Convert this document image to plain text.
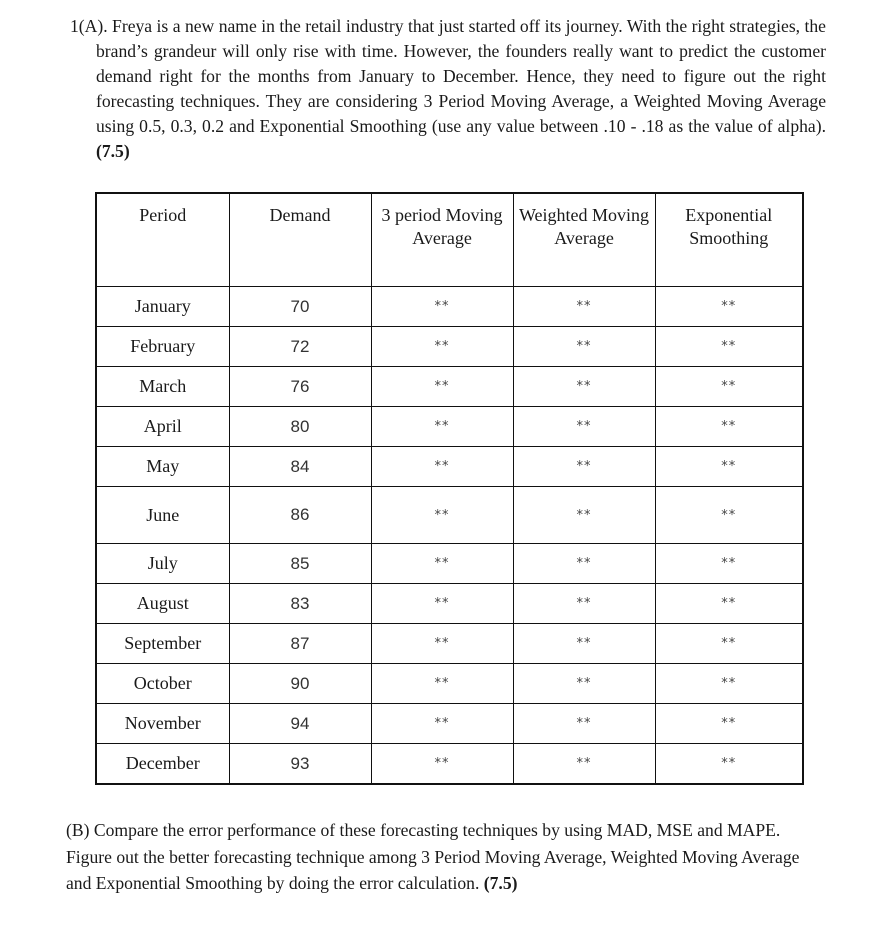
1(A). Freya is a new name in the retail industry that just started off its journey. With the right strategies, the brand’s grandeur will only rise with time. However, the founders really want to predict the customer demand right for the months from January to December. Hence, they need to figure out the right forecasting techniques. They are considering 3 Period Moving Average, a Weighted Moving Average using 0.5, 0.3, 0.2 and Exponential Smoothing (use any value between .10 - .18 as the value of alpha). (7.5)

Period	Demand	3 period Moving Average	Weighted Moving Average	Exponential Smoothing
January	70	**	**	**
February	72	**	**	**
March	76	**	**	**
April	80	**	**	**
May	84	**	**	**
June	86	**	**	**
July	85	**	**	**
August	83	**	**	**
September	87	**	**	**
October	90	**	**	**
November	94	**	**	**
December	93	**	**	**

(B) Compare the error performance of these forecasting techniques by using MAD, MSE and MAPE. Figure out the better forecasting technique among 3 Period Moving Average, Weighted Moving Average and Exponential Smoothing by doing the error calculation. (7.5)
